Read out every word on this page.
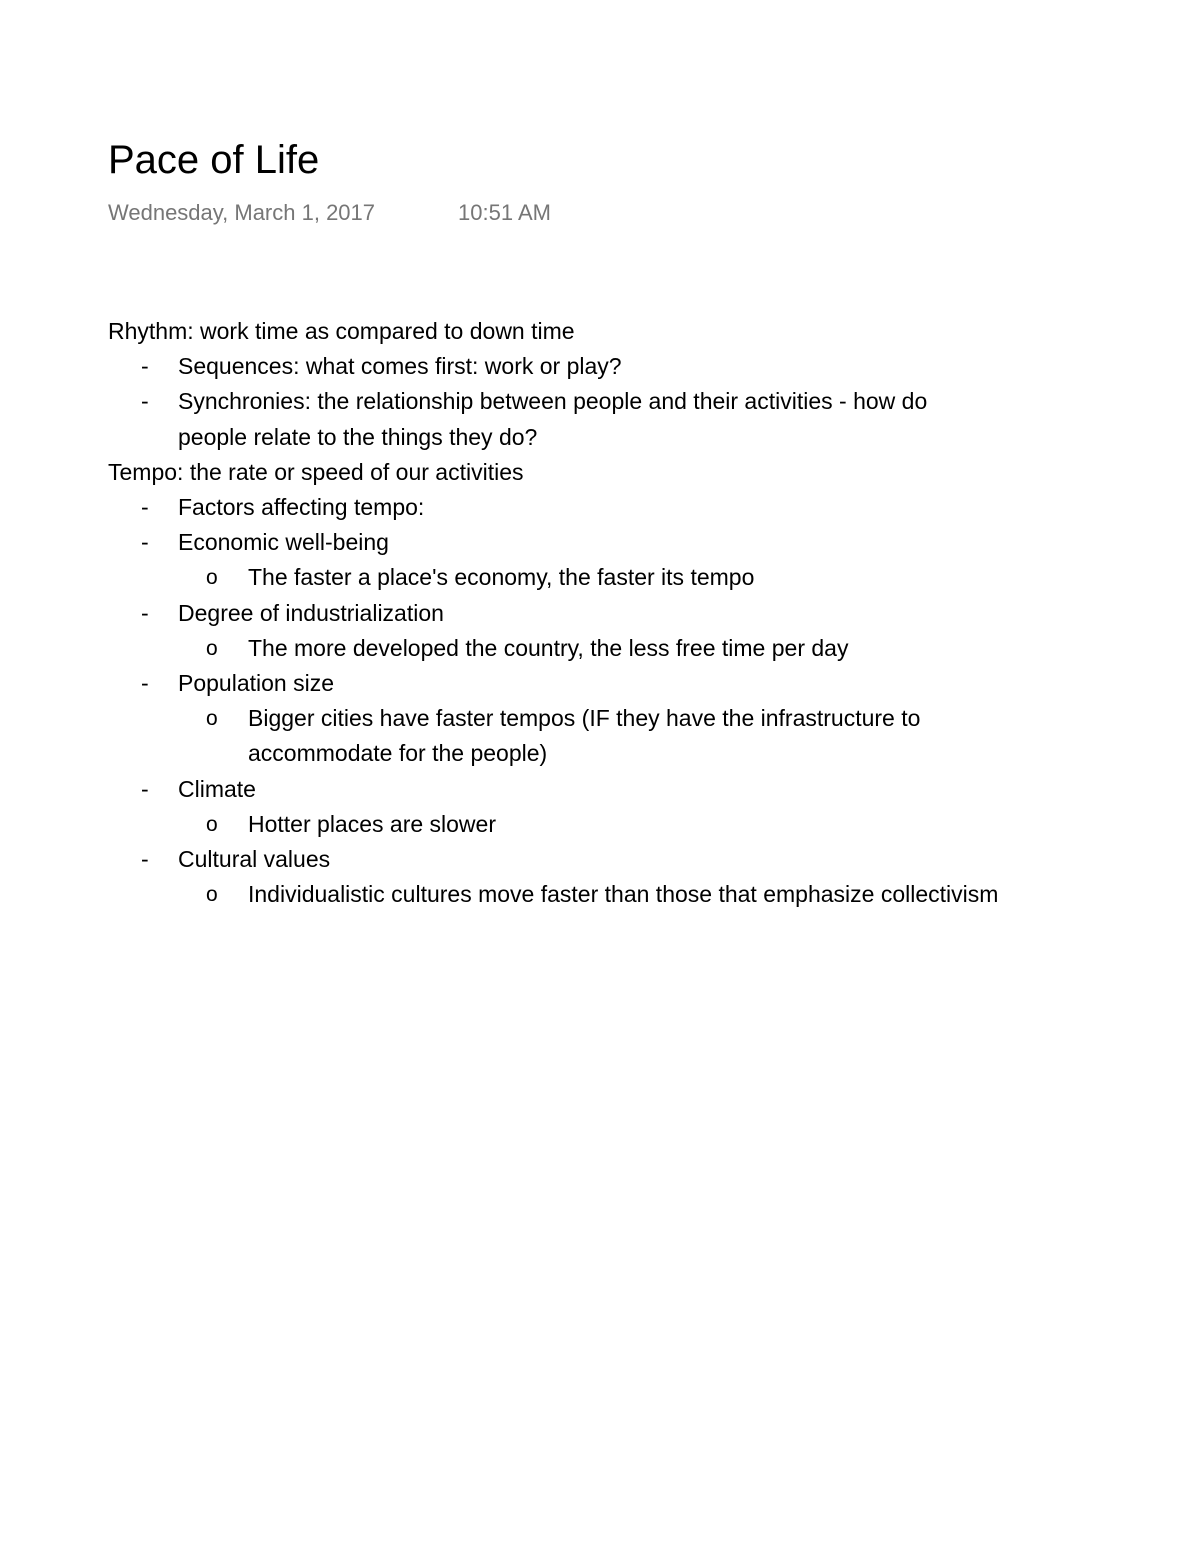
Pace of Life
Wednesday, March 1, 2017	10:51 AM
Rhythm: work time as compared to down time
- Sequences: what comes first: work or play?
- Synchronies: the relationship between people and their activities - how do
people relate to the things they do?
Tempo: the rate or speed of our activities
- Factors affecting tempo:
- Economic well-being
o The faster a place's economy, the faster its tempo
- Degree of industrialization
o The more developed the country, the less free time per day
- Population size
o Bigger cities have faster tempos (IF they have the infrastructure to
accommodate for the people)
- Climate
o Hotter places are slower
- Cultural values
o Individualistic cultures move faster than those that emphasize collectivism
